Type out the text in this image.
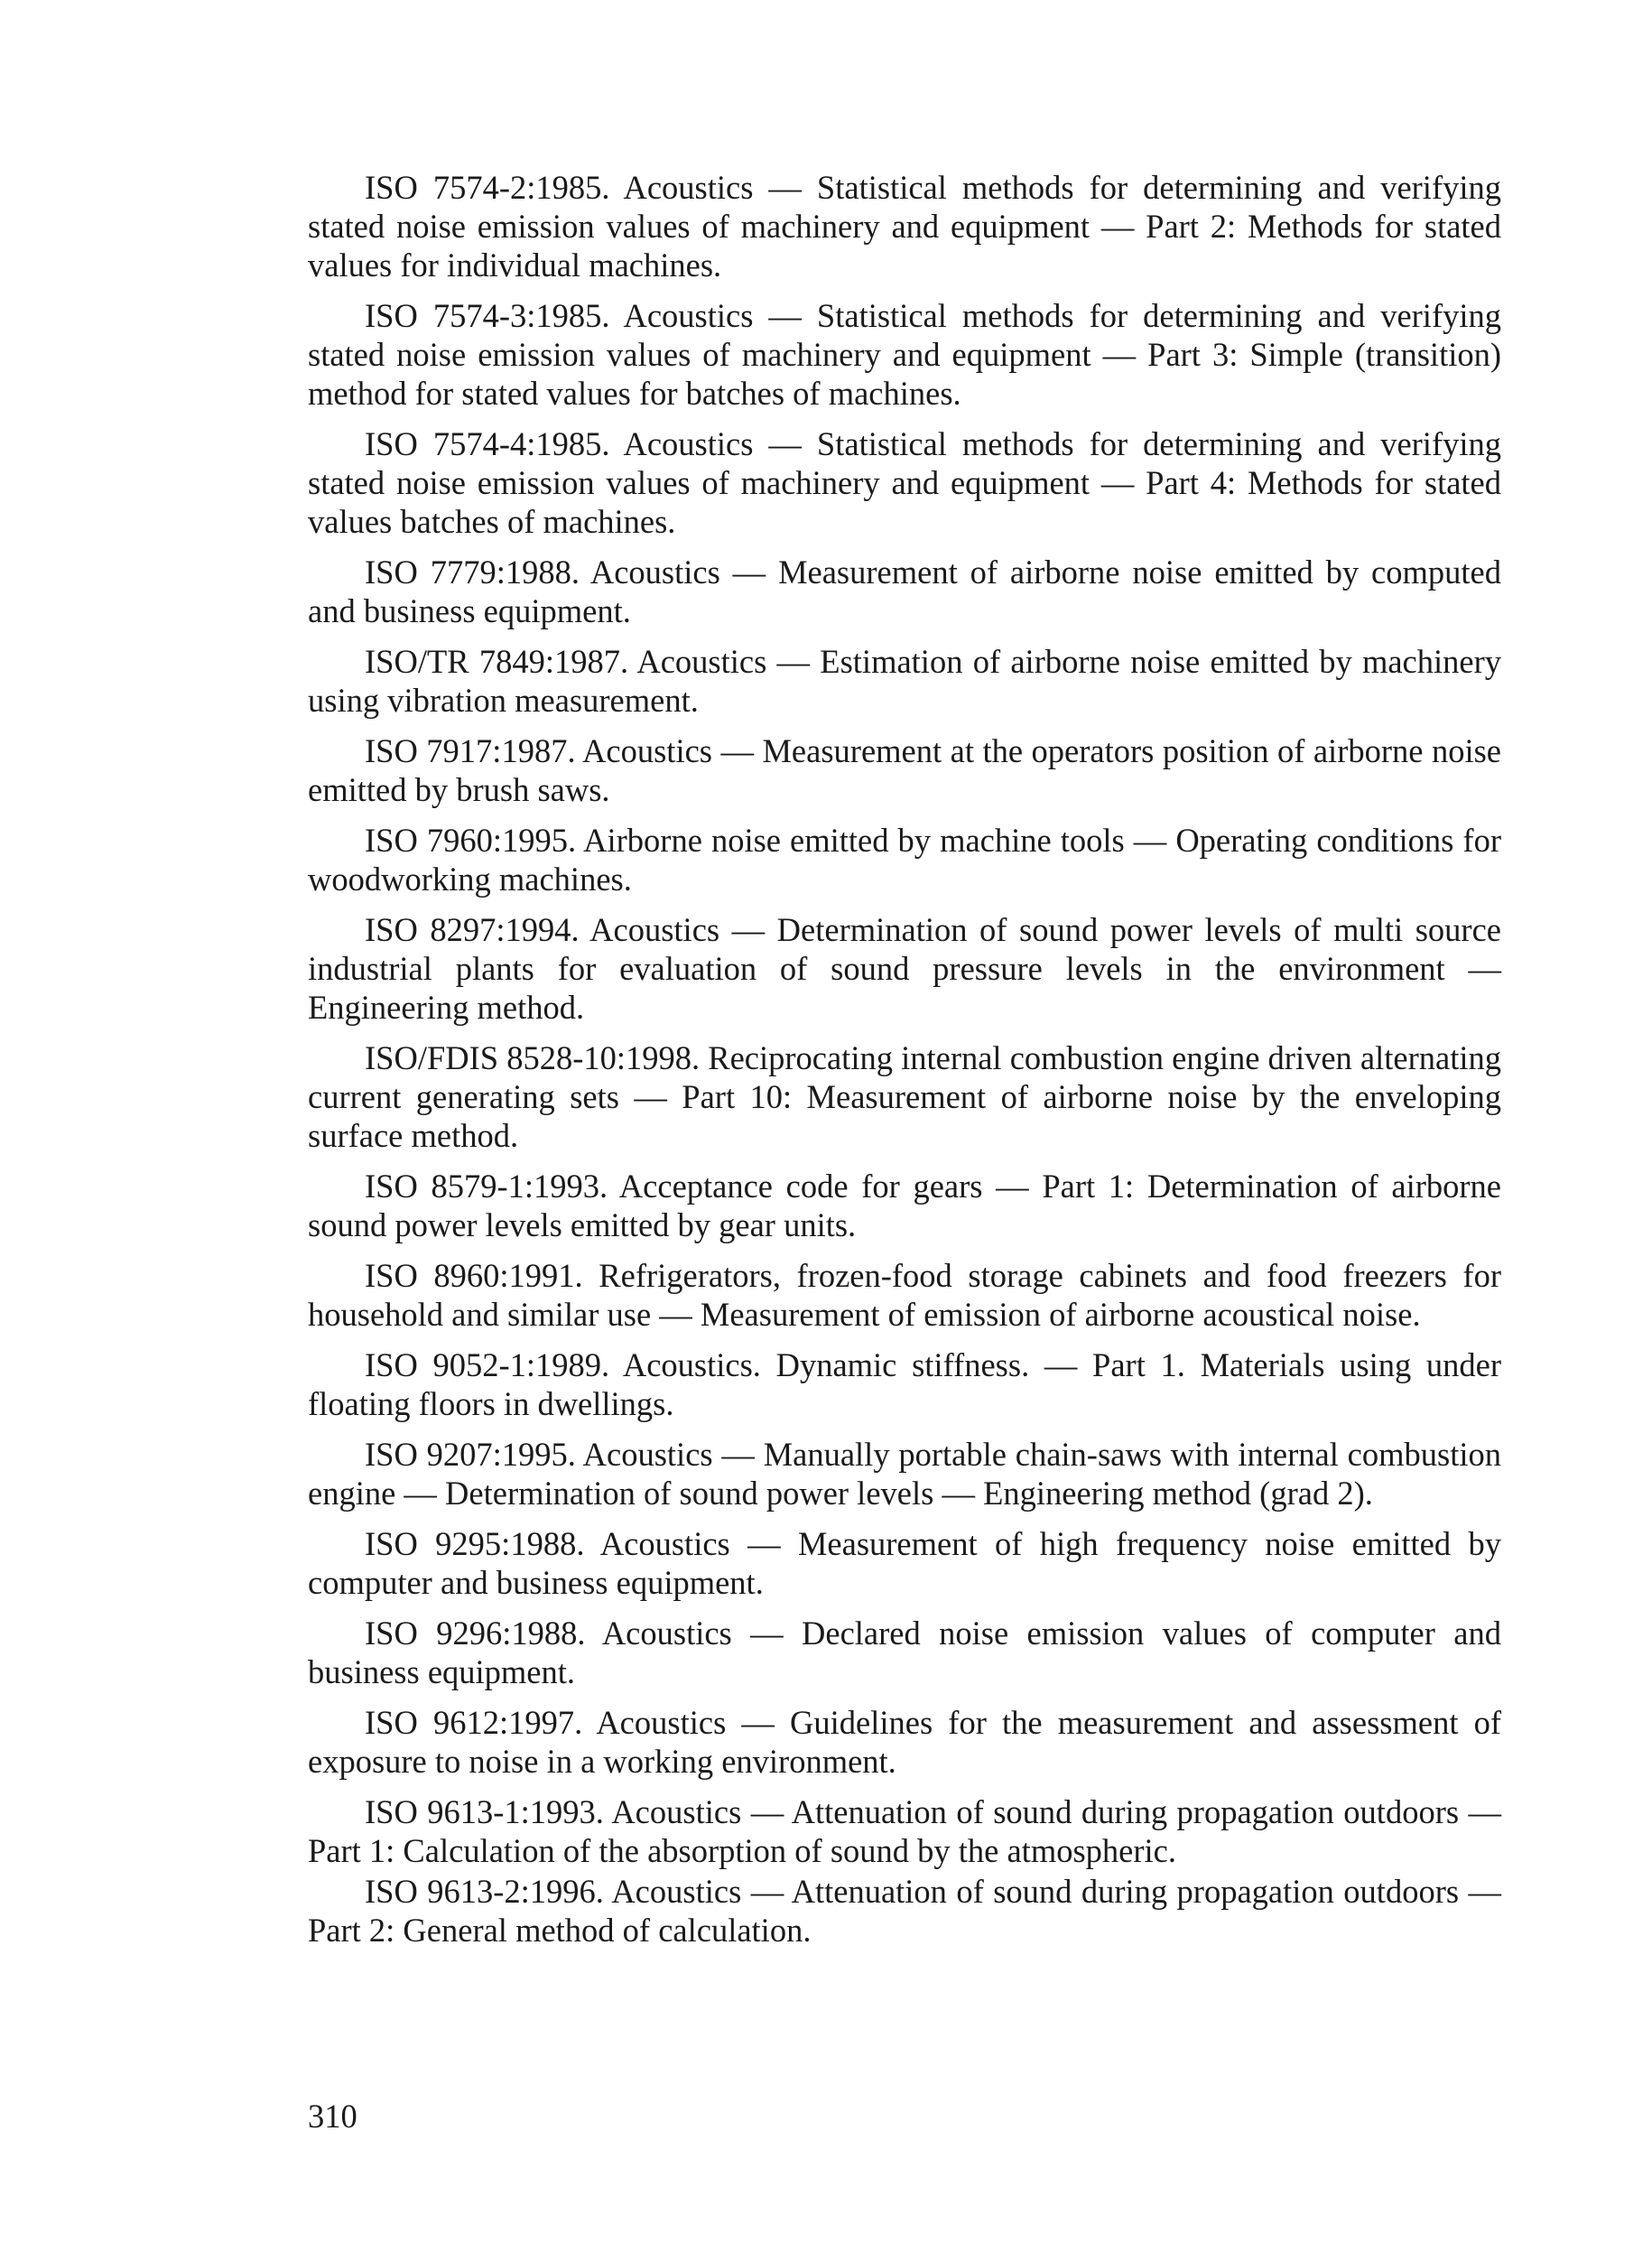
ISO 7574-2:1985. Acoustics — Statistical methods for determining and verifying stated noise emission values of machinery and equipment — Part 2: Methods for stated values for individual machines.

ISO 7574-3:1985. Acoustics — Statistical methods for determining and verifying stated noise emission values of machinery and equipment — Part 3: Simple (transition) method for stated values for batches of machines.

ISO 7574-4:1985. Acoustics — Statistical methods for determining and verifying stated noise emission values of machinery and equipment — Part 4: Methods for stated values batches of machines.

ISO 7779:1988. Acoustics — Measurement of airborne noise emitted by computed and business equipment.

ISO/TR 7849:1987. Acoustics — Estimation of airborne noise emitted by machinery using vibration measurement.

ISO 7917:1987. Acoustics — Measurement at the operators position of airborne noise emitted by brush saws.

ISO 7960:1995. Airborne noise emitted by machine tools — Operating conditions for woodworking machines.

ISO 8297:1994. Acoustics — Determination of sound power levels of multi source industrial plants for evaluation of sound pressure levels in the environment — Engineering method.

ISO/FDIS 8528-10:1998. Reciprocating internal combustion engine driven alternating current generating sets — Part 10: Measurement of airborne noise by the enveloping surface method.

ISO 8579-1:1993. Acceptance code for gears — Part 1: Determination of airborne sound power levels emitted by gear units.

ISO 8960:1991. Refrigerators, frozen-food storage cabinets and food freezers for household and similar use — Measurement of emission of airborne acoustical noise.

ISO 9052-1:1989. Acoustics. Dynamic stiffness. — Part 1. Materials using under floating floors in dwellings.

ISO 9207:1995. Acoustics — Manually portable chain-saws with internal combustion engine — Determination of sound power levels — Engineering method (grad 2).

ISO 9295:1988. Acoustics — Measurement of high frequency noise emitted by computer and business equipment.

ISO 9296:1988. Acoustics — Declared noise emission values of computer and business equipment.

ISO 9612:1997. Acoustics — Guidelines for the measurement and assessment of exposure to noise in a working environment.

ISO 9613-1:1993. Acoustics — Attenuation of sound during propagation outdoors — Part 1: Calculation of the absorption of sound by the atmospheric.

ISO 9613-2:1996. Acoustics — Attenuation of sound during propagation outdoors — Part 2: General method of calculation.

310
